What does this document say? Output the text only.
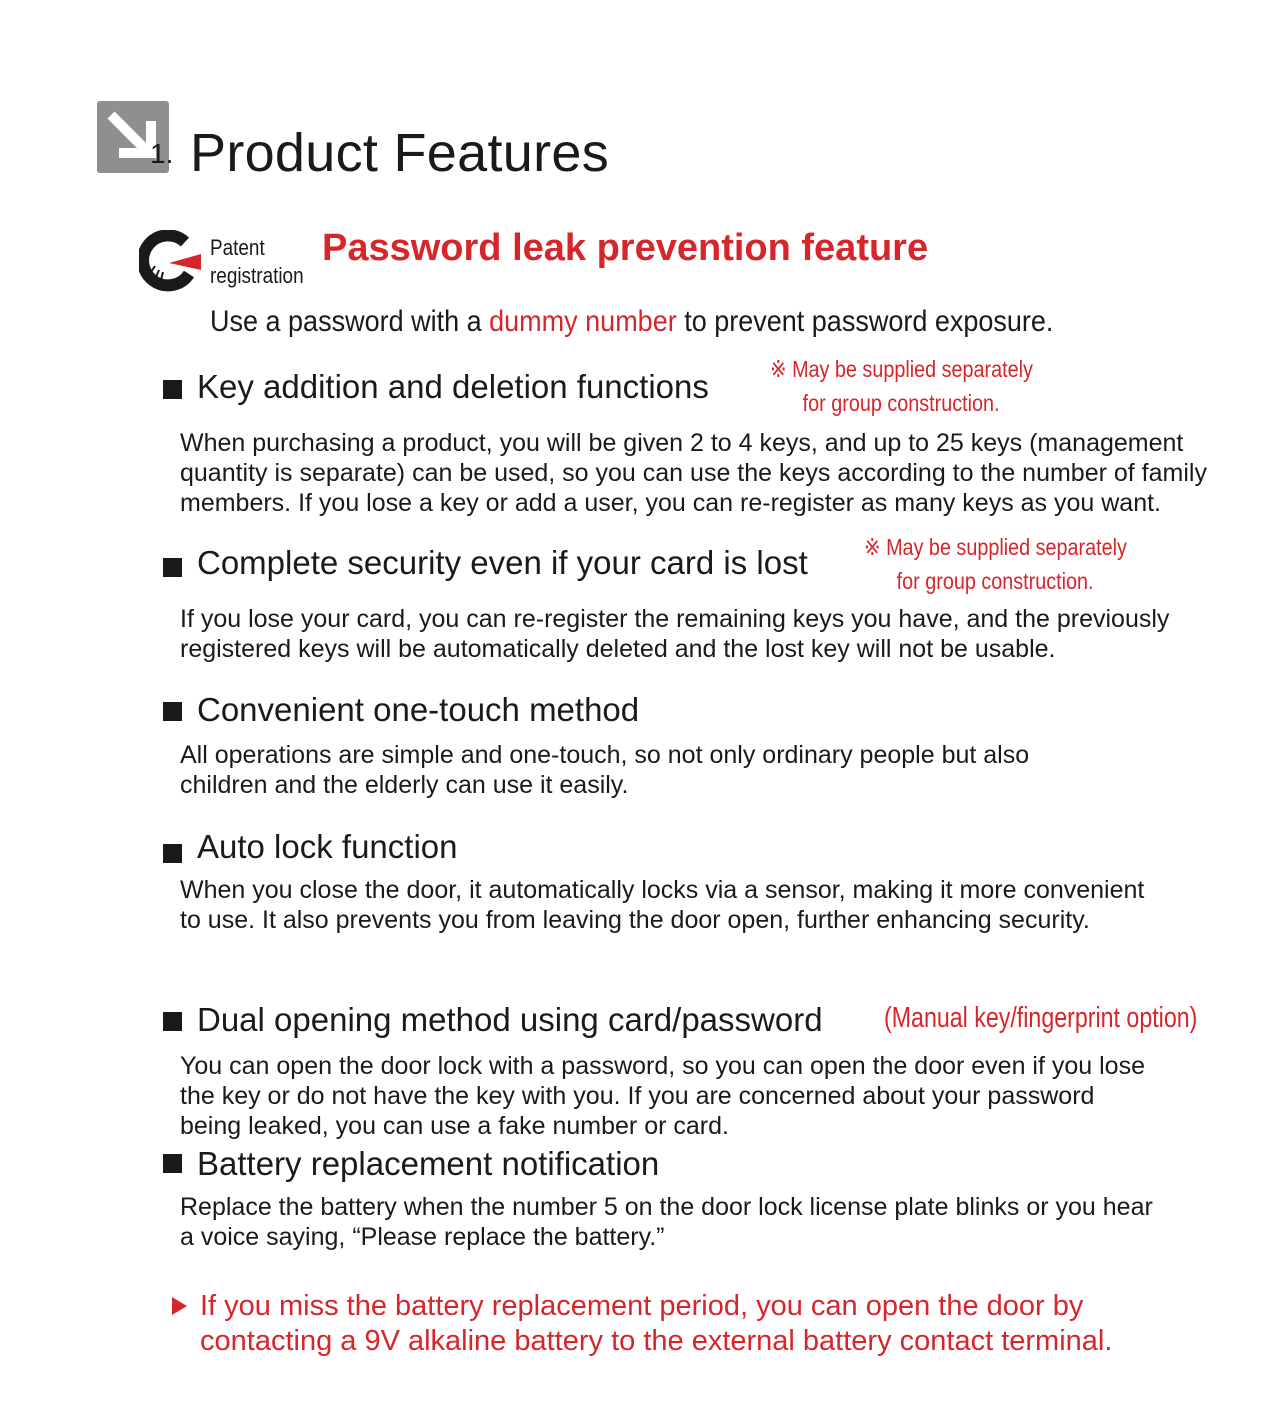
1. Product Features
Patent
registration
Password leak prevention feature
Use a password with a dummy number to prevent password exposure.
Key addition and deletion functions	※ May be supplied separately
for group construction.
When purchasing a product, you will be given 2 to 4 keys, and up to 25 keys (management
quantity is separate) can be used, so you can use the keys according to the number of family
members. If you lose a key or add a user, you can re-register as many keys as you want.
Complete security even if your card is lost ※ May be supplied separately
for group construction.
If you lose your card, you can re-register the remaining keys you have, and the previously
registered keys will be automatically deleted and the lost key will not be usable.
Convenient one-touch method
All operations are simple and one-touch, so not only ordinary people but also
children and the elderly can use it easily.
Auto lock function
When you close the door, it automatically locks via a sensor, making it more convenient
to use. It also prevents you from leaving the door open, further enhancing security.
Dual opening method using card/password (Manual key/fingerprint option)
You can open the door lock with a password, so you can open the door even if you lose
the key or do not have the key with you. If you are concerned about your password
being leaked, you can use a fake number or card.
Battery replacement notification
Replace the battery when the number 5 on the door lock license plate blinks or you hear
a voice saying, “Please replace the battery.”
If you miss the battery replacement period, you can open the door by
contacting a 9V alkaline battery to the external battery contact terminal.
